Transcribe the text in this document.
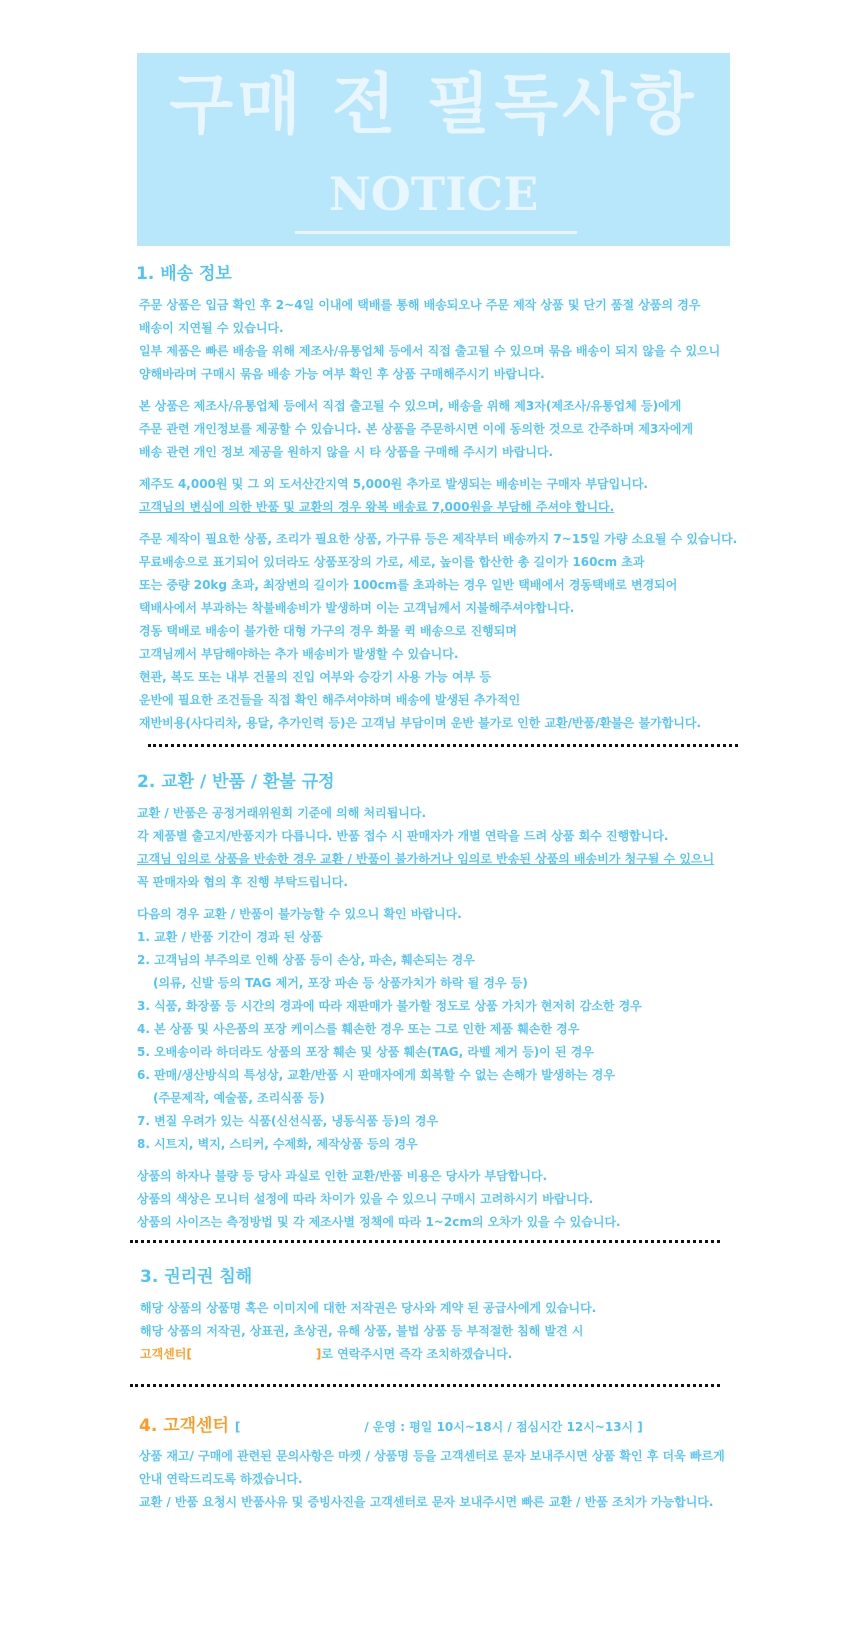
구매 전 필독사항
NOTICE
1. 배송 정보

주문 상품은 입금 확인 후 2~4일 이내에 택배를 통해 배송되오나 주문 제작 상품 및 단기 품절 상품의 경우

배송이 지연될 수 있습니다.

일부 제품은 빠른 배송을 위해 제조사/유통업체 등에서 직접 출고될 수 있으며 묶음 배송이 되지 않을 수 있으니

양해바라며 구매시 묶음 배송 가능 여부 확인 후 상품 구매해주시기 바랍니다.

본 상품은 제조사/유통업체 등에서 직접 출고될 수 있으며, 배송을 위해 제3자(제조사/유통업체 등)에게

주문 관련 개인정보를 제공할 수 있습니다. 본 상품을 주문하시면 이에 동의한 것으로 간주하며 제3자에게

배송 관련 개인 정보 제공을 원하지 않을 시 타 상품을 구매해 주시기 바랍니다.

제주도 4,000원 및 그 외 도서산간지역 5,000원 추가로 발생되는 배송비는 구매자 부담입니다.

고객님의 변심에 의한 반품 및 교환의 경우 왕복 배송료 7,000원을 부담해 주셔야 합니다.

주문 제작이 필요한 상품, 조리가 필요한 상품, 가구류 등은 제작부터 배송까지 7~15일 가량 소요될 수 있습니다.

무료배송으로 표기되어 있더라도 상품포장의 가로, 세로, 높이를 합산한 총 길이가 160cm 초과

또는 중량 20kg 초과, 최장변의 길이가 100cm를 초과하는 경우 일반 택배에서 경동택배로 변경되어

택배사에서 부과하는 착불배송비가 발생하며 이는 고객님께서 지불해주셔야합니다.

경동 택배로 배송이 불가한 대형 가구의 경우 화물 퀵 배송으로 진행되며

고객님께서 부담해야하는 추가 배송비가 발생할 수 있습니다.

현관, 복도 또는 내부 건물의 진입 여부와 승강기 사용 가능 여부 등

운반에 필요한 조건들을 직접 확인 해주셔야하며 배송에 발생된 추가적인

재반비용(사다리차, 용달, 추가인력 등)은 고객님 부담이며 운반 불가로 인한 교환/반품/환불은 불가합니다.

2. 교환 / 반품 / 환불 규정

교환 / 반품은 공정거래위원회 기준에 의해 처리됩니다.

각 제품별 출고지/반품지가 다릅니다. 반품 접수 시 판매자가 개별 연락을 드려 상품 회수 진행합니다.

고객님 임의로 상품을 반송한 경우 교환 / 반품이 불가하거나 임의로 반송된 상품의 배송비가 청구될 수 있으니

꼭 판매자와 협의 후 진행 부탁드립니다.

다음의 경우 교환 / 반품이 불가능할 수 있으니 확인 바랍니다.

1. 교환 / 반품 기간이 경과 된 상품

2. 고객님의 부주의로 인해 상품 등이 손상, 파손, 훼손되는 경우

(의류, 신발 등의 TAG 제거, 포장 파손 등 상품가치가 하락 될 경우 등)

3. 식품, 화장품 등 시간의 경과에 따라 재판매가 불가할 정도로 상품 가치가 현저히 감소한 경우

4. 본 상품 및 사은품의 포장 케이스를 훼손한 경우 또는 그로 인한 제품 훼손한 경우

5. 오배송이라 하더라도 상품의 포장 훼손 및 상품 훼손(TAG, 라벨 제거 등)이 된 경우

6. 판매/생산방식의 특성상, 교환/반품 시 판매자에게 회복할 수 없는 손해가 발생하는 경우

(주문제작, 예술품, 조리식품 등)

7. 변질 우려가 있는 식품(신선식품, 냉동식품 등)의 경우

8. 시트지, 벽지, 스티커, 수제화, 제작상품 등의 경우

상품의 하자나 불량 등 당사 과실로 인한 교환/반품 비용은 당사가 부담합니다.

상품의 색상은 모니터 설정에 따라 차이가 있을 수 있으니 구매시 고려하시기 바랍니다.

상품의 사이즈는 측정방법 및 각 제조사별 정책에 따라 1~2cm의 오차가 있을 수 있습니다.

3. 권리권 침해

해당 상품의 상품명 혹은 이미지에 대한 저작권은 당사와 계약 된 공급사에게 있습니다.

해당 상품의 저작권, 상표권, 초상권, 유해 상품, 불법 상품 등 부적절한 침해 발견 시

고객센터[	]로 연락주시면 즉각 조치하겠습니다.

4. 고객센터 [	/ 운영 : 평일 10시~18시 / 점심시간 12시~13시 ]

상품 재고/ 구매에 관련된 문의사항은 마켓 / 상품명 등을 고객센터로 문자 보내주시면 상품 확인 후 더욱 빠르게

안내 연락드리도록 하겠습니다.

교환 / 반품 요청시 반품사유 및 증빙사진을 고객센터로 문자 보내주시면 빠른 교환 / 반품 조치가 가능합니다.
